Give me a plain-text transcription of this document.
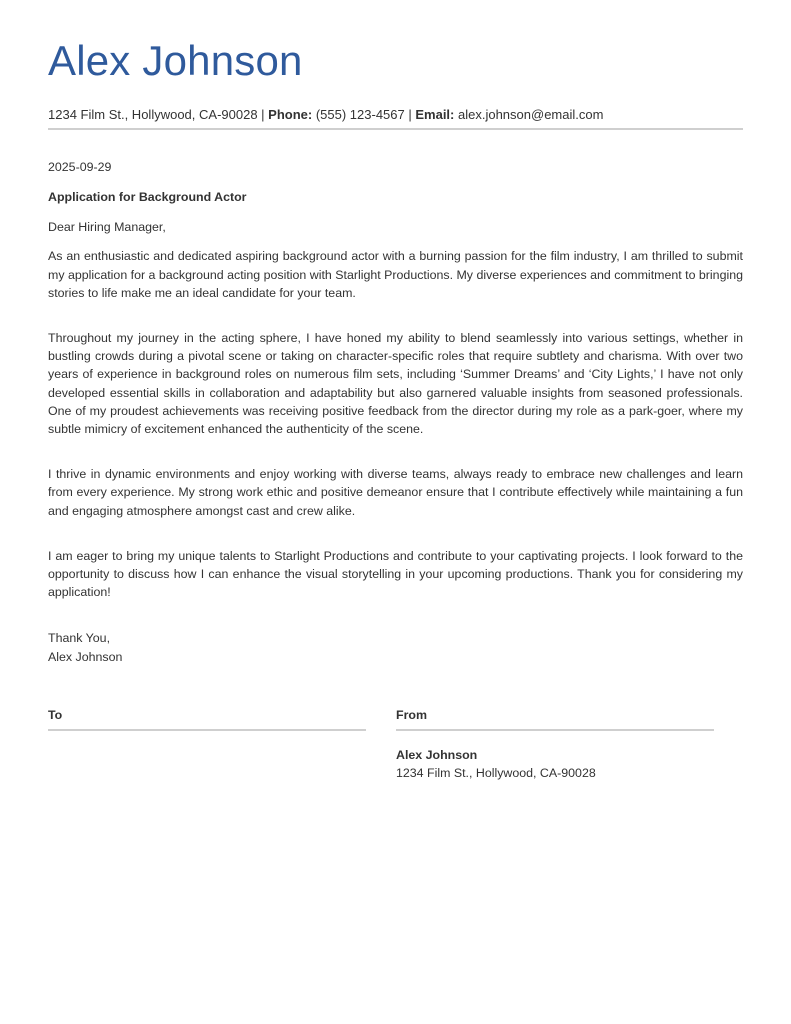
Alex Johnson
1234 Film St., Hollywood, CA-90028 | Phone: (555) 123-4567 | Email: alex.johnson@email.com

2025-09-29

Application for Background Actor

Dear Hiring Manager,

As an enthusiastic and dedicated aspiring background actor with a burning passion for the film industry, I am thrilled to submit my application for a background acting position with Starlight Productions. My diverse experiences and commitment to bringing stories to life make me an ideal candidate for your team.

Throughout my journey in the acting sphere, I have honed my ability to blend seamlessly into various settings, whether in bustling crowds during a pivotal scene or taking on character-specific roles that require subtlety and charisma. With over two years of experience in background roles on numerous film sets, including ‘Summer Dreams’ and ‘City Lights,’ I have not only developed essential skills in collaboration and adaptability but also garnered valuable insights from seasoned professionals. One of my proudest achievements was receiving positive feedback from the director during my role as a park-goer, where my subtle mimicry of excitement enhanced the authenticity of the scene.

I thrive in dynamic environments and enjoy working with diverse teams, always ready to embrace new challenges and learn from every experience. My strong work ethic and positive demeanor ensure that I contribute effectively while maintaining a fun and engaging atmosphere amongst cast and crew alike.

I am eager to bring my unique talents to Starlight Productions and contribute to your captivating projects. I look forward to the opportunity to discuss how I can enhance the visual storytelling in your upcoming productions. Thank you for considering my application!

Thank You,
Alex Johnson

To	From
Alex Johnson
1234 Film St., Hollywood, CA-90028
